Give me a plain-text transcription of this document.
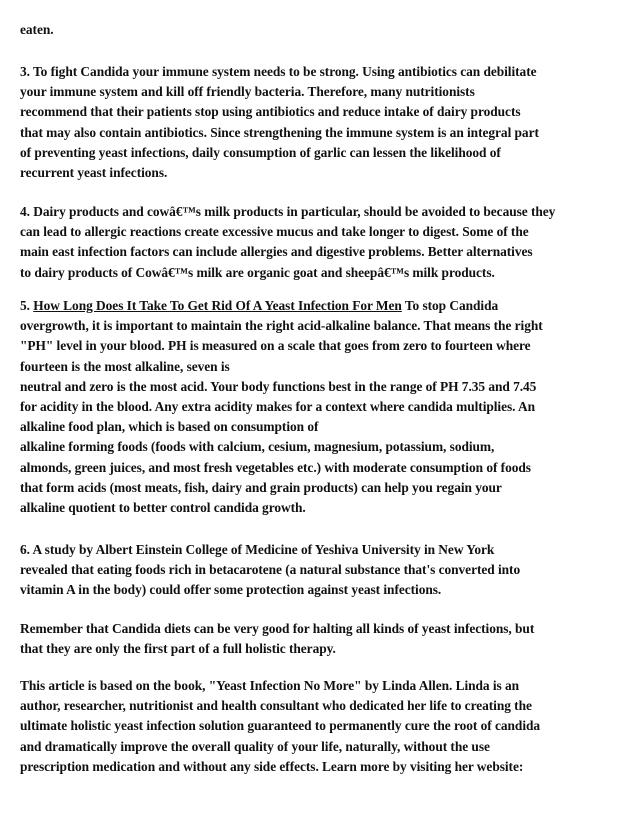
eaten.
3. To fight Candida your immune system needs to be strong. Using antibiotics can debilitate
your immune system and kill off friendly bacteria. Therefore, many nutritionists
recommend that their patients stop using antibiotics and reduce intake of dairy products
that may also contain antibiotics. Since strengthening the immune system is an integral part
of preventing yeast infections, daily consumption of garlic can lessen the likelihood of
recurrent yeast infections.
4. Dairy products and cowâ€™s milk products in particular, should be avoided to because they
can lead to allergic reactions create excessive mucus and take longer to digest. Some of the
main east infection factors can include allergies and digestive problems. Better alternatives
to dairy products of Cowâ€™s milk are organic goat and sheepâ€™s milk products.
5. How Long Does It Take To Get Rid Of A Yeast Infection For Men To stop Candida
overgrowth, it is important to maintain the right acid-alkaline balance. That means the right
"PH" level in your blood. PH is measured on a scale that goes from zero to fourteen where
fourteen is the most alkaline, seven is
neutral and zero is the most acid. Your body functions best in the range of PH 7.35 and 7.45
for acidity in the blood. Any extra acidity makes for a context where candida multiplies. An
alkaline food plan, which is based on consumption of
alkaline forming foods (foods with calcium, cesium, magnesium, potassium, sodium,
almonds, green juices, and most fresh vegetables etc.) with moderate consumption of foods
that form acids (most meats, fish, dairy and grain products) can help you regain your
alkaline quotient to better control candida growth.
6. A study by Albert Einstein College of Medicine of Yeshiva University in New York
revealed that eating foods rich in betacarotene (a natural substance that's converted into
vitamin A in the body) could offer some protection against yeast infections.
Remember that Candida diets can be very good for halting all kinds of yeast infections, but
that they are only the first part of a full holistic therapy.
This article is based on the book, "Yeast Infection No More" by Linda Allen. Linda is an
author, researcher, nutritionist and health consultant who dedicated her life to creating the
ultimate holistic yeast infection solution guaranteed to permanently cure the root of candida
and dramatically improve the overall quality of your life, naturally, without the use
prescription medication and without any side effects. Learn more by visiting her website:
